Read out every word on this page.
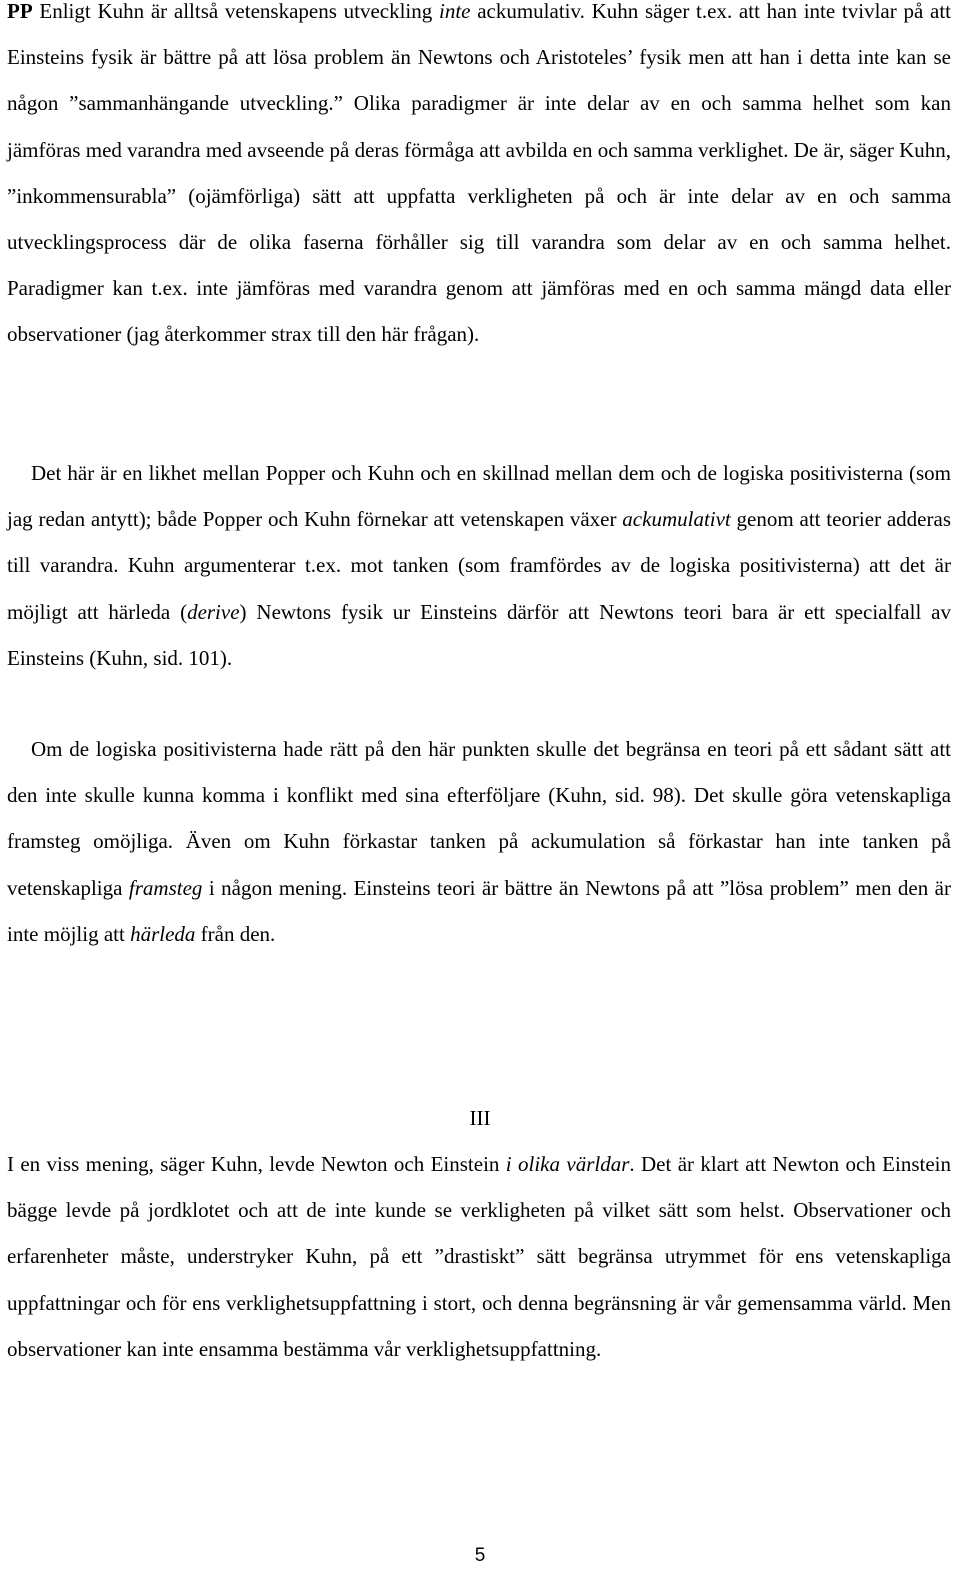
PP Enligt Kuhn är alltså vetenskapens utveckling inte ackumulativ. Kuhn säger t.ex. att han inte tvivlar på att Einsteins fysik är bättre på att lösa problem än Newtons och Aristoteles’ fysik men att han i detta inte kan se någon ”sammanhängande utveckling.” Olika paradigmer är inte delar av en och samma helhet som kan jämföras med varandra med avseende på deras förmåga att avbilda en och samma verklighet. De är, säger Kuhn, ”inkommensurabla” (ojämförliga) sätt att uppfatta verkligheten på och är inte delar av en och samma utvecklingsprocess där de olika faserna förhåller sig till varandra som delar av en och samma helhet. Paradigmer kan t.ex. inte jämföras med varandra genom att jämföras med en och samma mängd data eller observationer (jag återkommer strax till den här frågan).

Det här är en likhet mellan Popper och Kuhn och en skillnad mellan dem och de logiska positivisterna (som jag redan antytt); både Popper och Kuhn förnekar att vetenskapen växer ackumulativt genom att teorier adderas till varandra. Kuhn argumenterar t.ex. mot tanken (som framfördes av de logiska positivisterna) att det är möjligt att härleda (derive) Newtons fysik ur Einsteins därför att Newtons teori bara är ett specialfall av Einsteins (Kuhn, sid. 101).

Om de logiska positivisterna hade rätt på den här punkten skulle det begränsa en teori på ett sådant sätt att den inte skulle kunna komma i konflikt med sina efterföljare (Kuhn, sid. 98). Det skulle göra vetenskapliga framsteg omöjliga. Även om Kuhn förkastar tanken på ackumulation så förkastar han inte tanken på vetenskapliga framsteg i någon mening. Einsteins teori är bättre än Newtons på att ”lösa problem” men den är inte möjlig att härleda från den.

III

I en viss mening, säger Kuhn, levde Newton och Einstein i olika världar. Det är klart att Newton och Einstein bägge levde på jordklotet och att de inte kunde se verkligheten på vilket sätt som helst. Observationer och erfarenheter måste, understryker Kuhn, på ett ”drastiskt” sätt begränsa utrymmet för ens vetenskapliga uppfattningar och för ens verklighetsuppfattning i stort, och denna begränsning är vår gemensamma värld. Men observationer kan inte ensamma bestämma vår verklighetsuppfattning.

5
